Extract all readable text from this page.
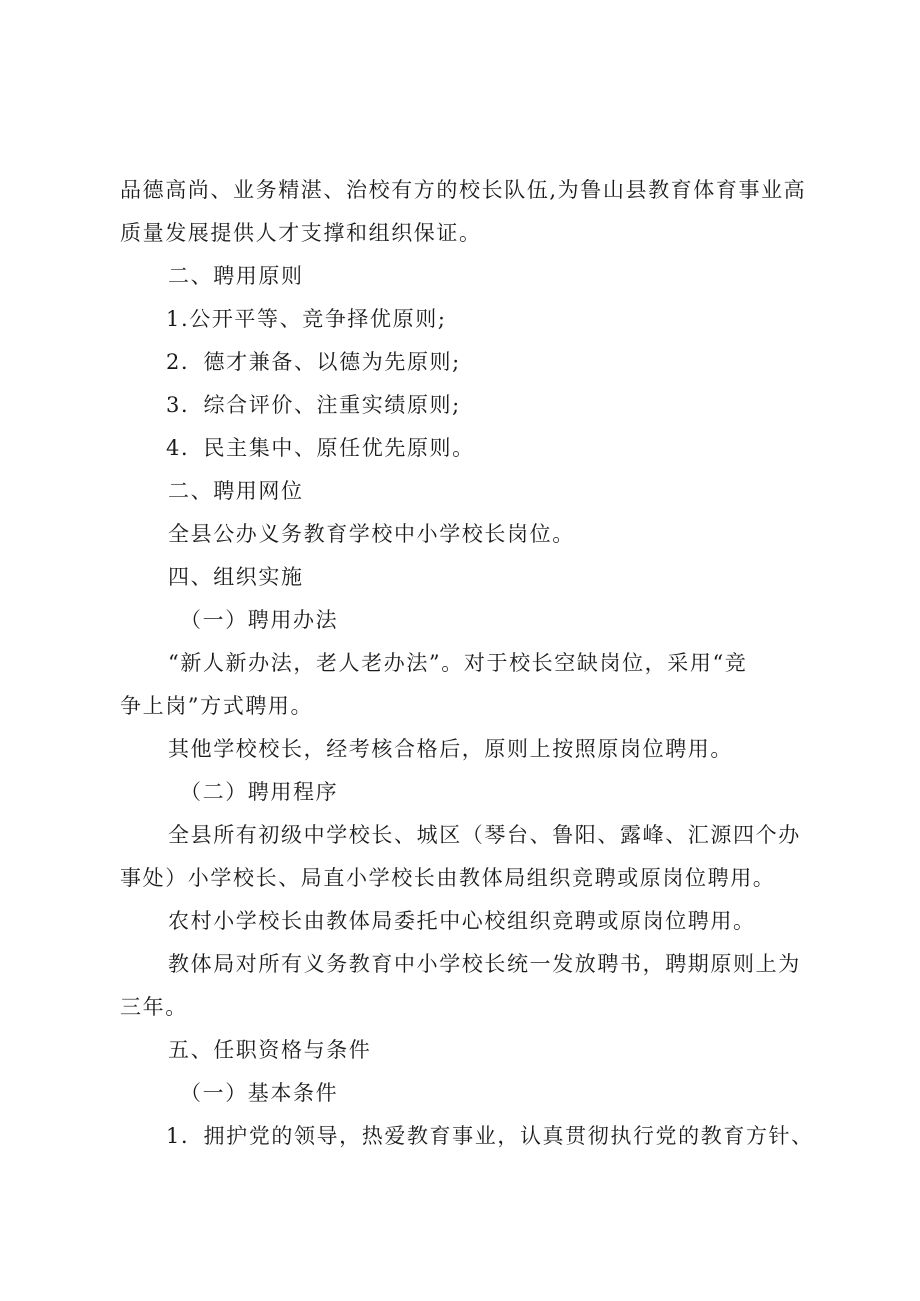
品德高尚、业务精湛、治校有方的校长队伍,为鲁山县教育体育事业高
质量发展提供人才支撑和组织保证。
二、聘用原则
1.公开平等、竞争择优原则;
2．德才兼备、以德为先原则;
3．综合评价、注重实绩原则;
4．民主集中、原任优先原则。
二、聘用网位
全县公办义务教育学校中小学校长岗位。
四、组织实施
（一）聘用办法
“新人新办法，老人老办法”。对于校长空缺岗位，采用“竞
争上岗”方式聘用。
其他学校校长，经考核合格后，原则上按照原岗位聘用。
（二）聘用程序
全县所有初级中学校长、城区（琴台、鲁阳、露峰、汇源四个办
事处）小学校长、局直小学校长由教体局组织竞聘或原岗位聘用。
农村小学校长由教体局委托中心校组织竞聘或原岗位聘用。
教体局对所有义务教育中小学校长统一发放聘书，聘期原则上为
三年。
五、任职资格与条件
（一）基本条件
1．拥护党的领导，热爱教育事业，认真贯彻执行党的教育方针、
